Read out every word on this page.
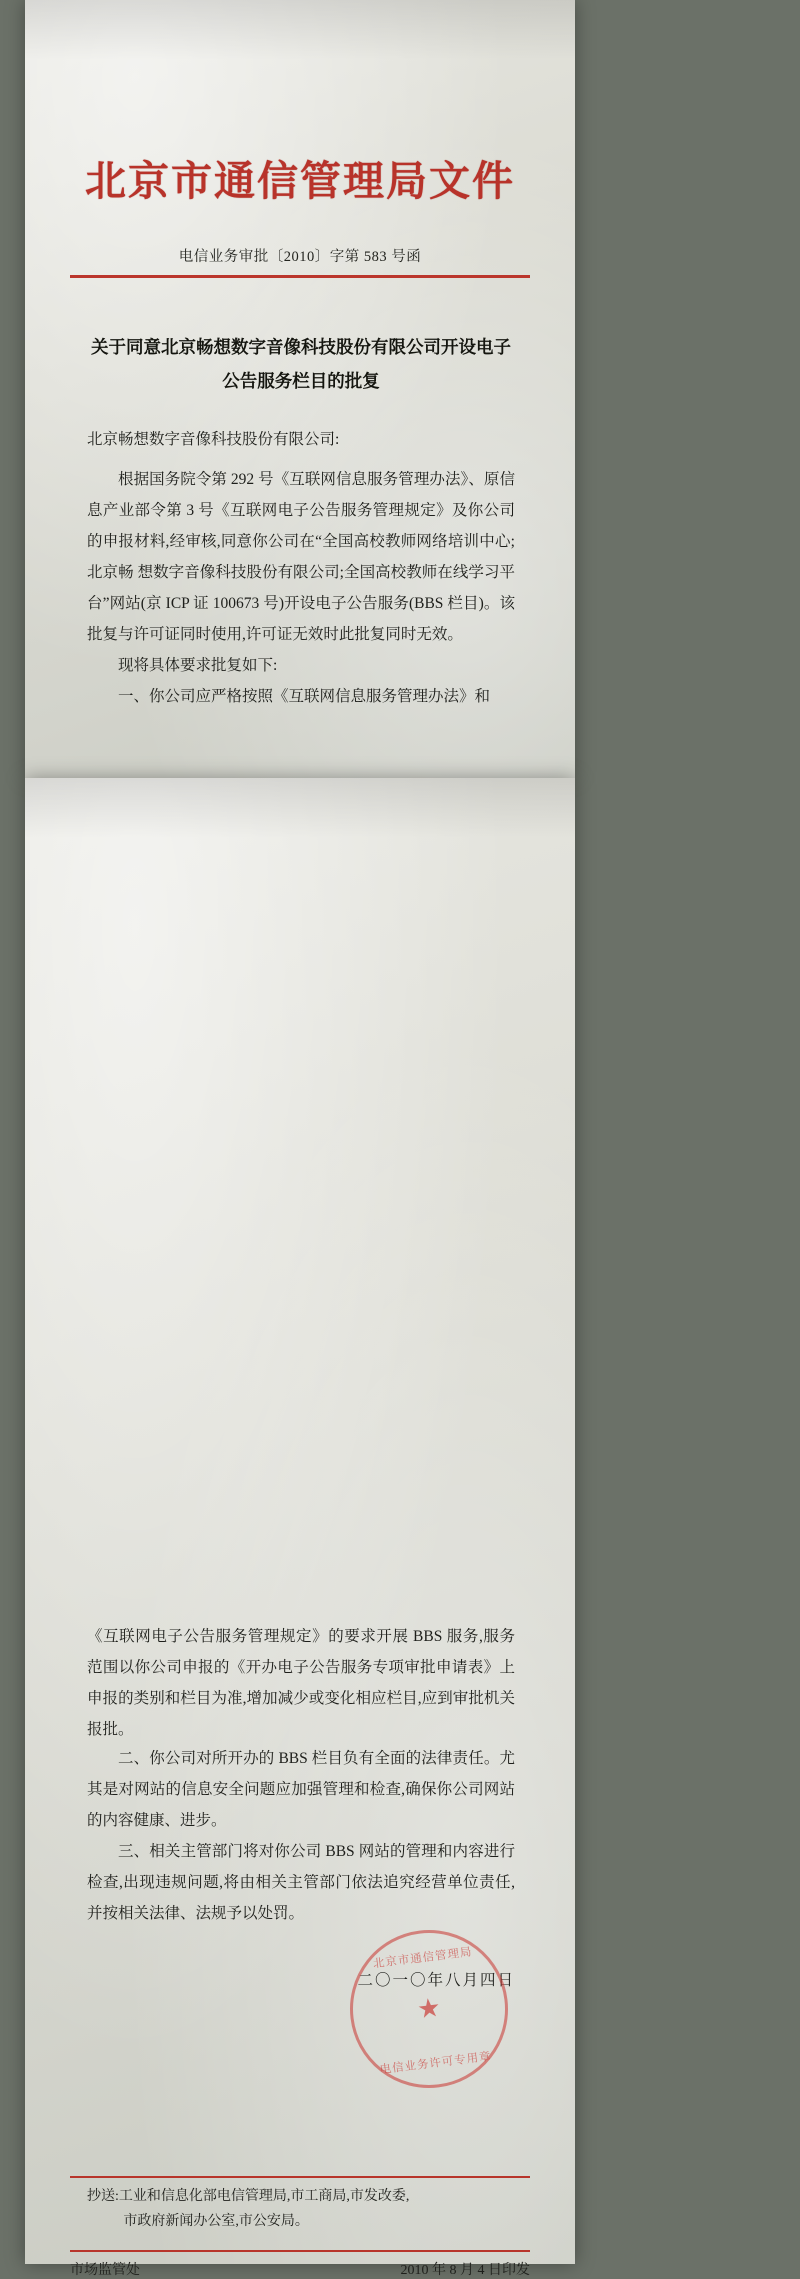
北京市通信管理局文件
电信业务审批〔2010〕字第 583 号函
关于同意北京畅想数字音像科技股份有限公司开设电子公告服务栏目的批复
北京畅想数字音像科技股份有限公司:
根据国务院令第 292 号《互联网信息服务管理办法》、原信息产业部令第 3 号《互联网电子公告服务管理规定》及你公司的申报材料,经审核,同意你公司在“全国高校教师网络培训中心;北京畅 想数字音像科技股份有限公司;全国高校教师在线学习平台”网站(京 ICP 证 100673 号)开设电子公告服务(BBS 栏目)。该批复与许可证同时使用,许可证无效时此批复同时无效。
现将具体要求批复如下:
一、你公司应严格按照《互联网信息服务管理办法》和
《互联网电子公告服务管理规定》的要求开展 BBS 服务,服务范围以你公司申报的《开办电子公告服务专项审批申请表》上申报的类别和栏目为准,增加减少或变化相应栏目,应到审批机关报批。
二、你公司对所开办的 BBS 栏目负有全面的法律责任。尤其是对网站的信息安全问题应加强管理和检查,确保你公司网站的内容健康、进步。
三、相关主管部门将对你公司 BBS 网站的管理和内容进行检查,出现违规问题,将由相关主管部门依法追究经营单位责任,并按相关法律、法规予以处罚。
二〇一〇年八月四日
北京市通信管理局
★
电信业务许可专用章
抄送:工业和信息化部电信管理局,市工商局,市发改委,
市政府新闻办公室,市公安局。
市场监管处	2010 年 8 月 4 日印发
